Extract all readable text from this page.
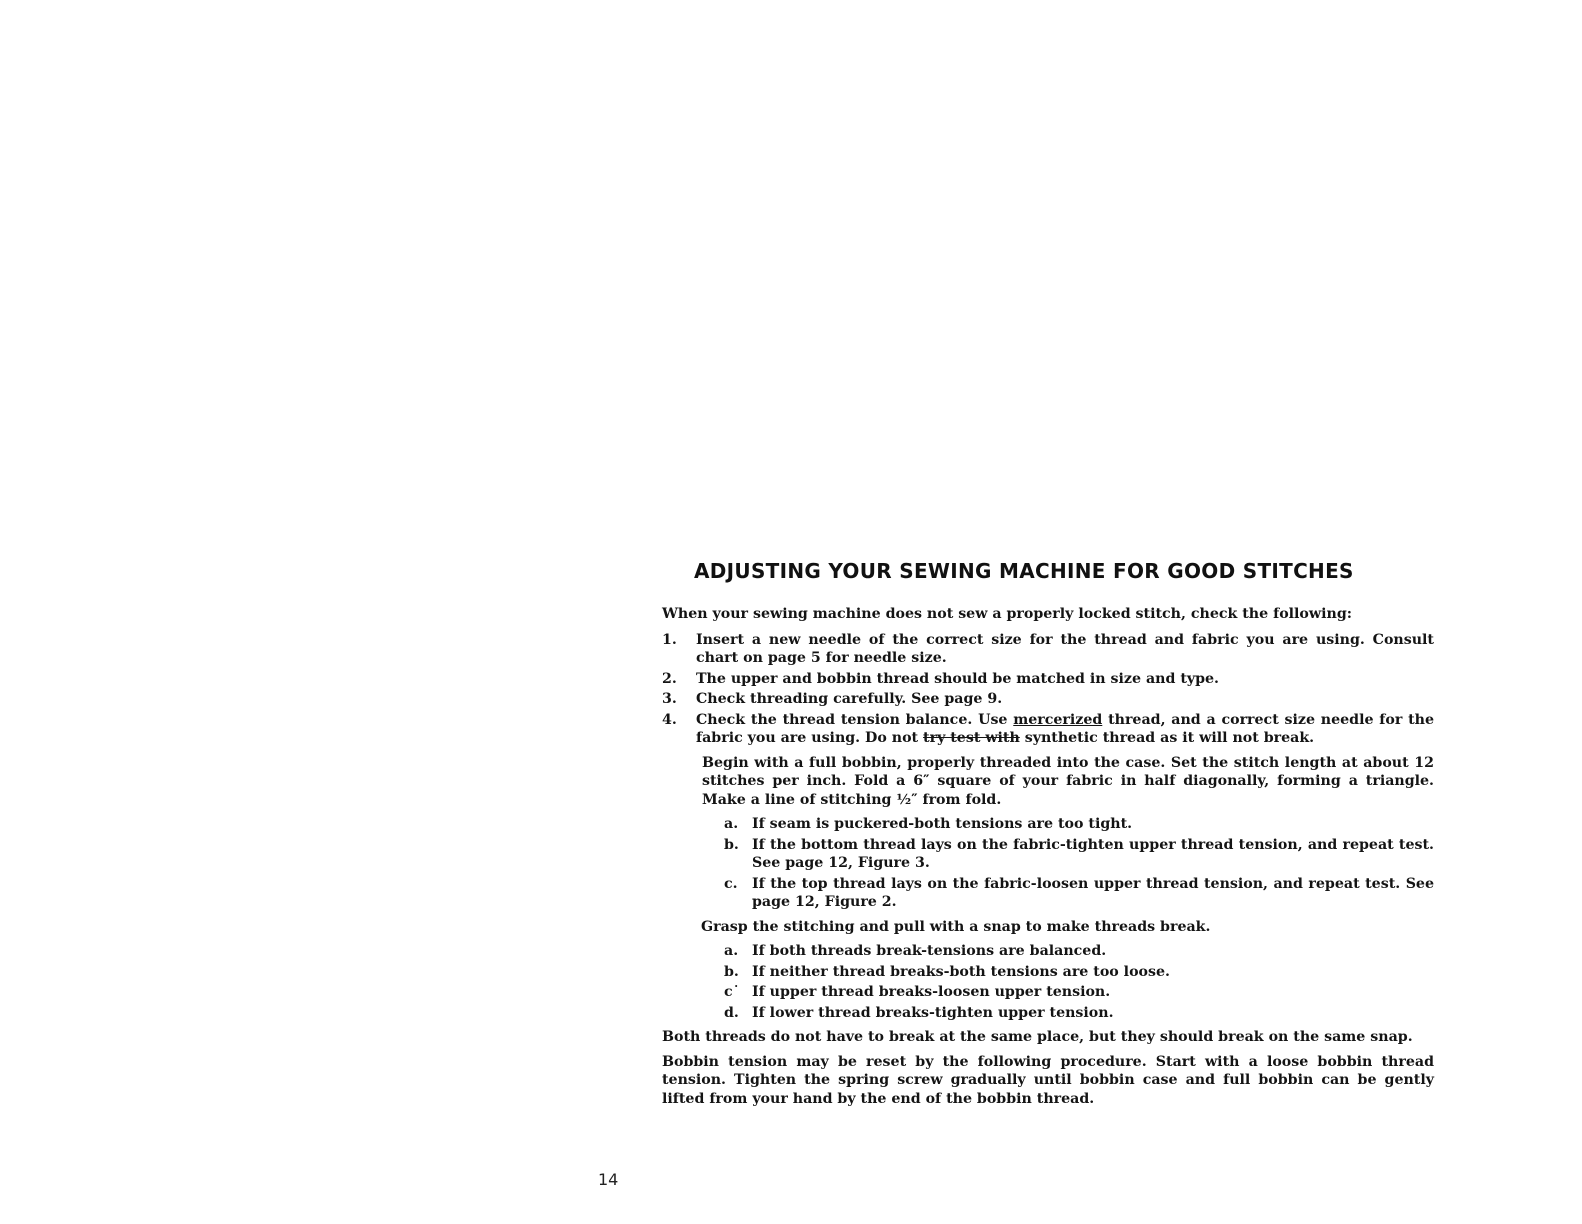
ADJUSTING YOUR SEWING MACHINE FOR GOOD STITCHES

When your sewing machine does not sew a properly locked stitch, check the following:

1.	Insert a new needle of the correct size for the thread and fabric you are using. Consult chart on page 5 for needle size.

2.	The upper and bobbin thread should be matched in size and type.

3.	Check threading carefully. See page 9.

4.	Check the thread tension balance. Use mercerized thread, and a correct size needle for the fabric you are using. Do not try test with synthetic thread as it will not break.

Begin with a full bobbin, properly threaded into the case. Set the stitch length at about 12 stitches per inch. Fold a 6″ square of your fabric in half diagonally, forming a triangle. Make a line of stitching ½″ from fold.

a. If seam is puckered-both tensions are too tight.
b. If the bottom thread lays on the fabric-tighten upper thread tension, and repeat test. See page 12, Figure 3.
c.	If the top thread lays on the fabric-loosen upper thread tension, and repeat test. See page 12, Figure 2.

Grasp the stitching and pull with a snap to make threads break.

a. If both threads break-tensions are balanced.
b. If neither thread breaks-both tensions are too loose.
c˙ If upper thread breaks-loosen upper tension.
d. If lower thread breaks-tighten upper tension.

Both threads do not have to break at the same place, but they should break on the same snap.

Bobbin tension may be reset by the following procedure. Start with a loose bobbin thread tension. Tighten the spring screw gradually until bobbin case and full bobbin can be gently lifted from your hand by the end of the bobbin thread.

14
